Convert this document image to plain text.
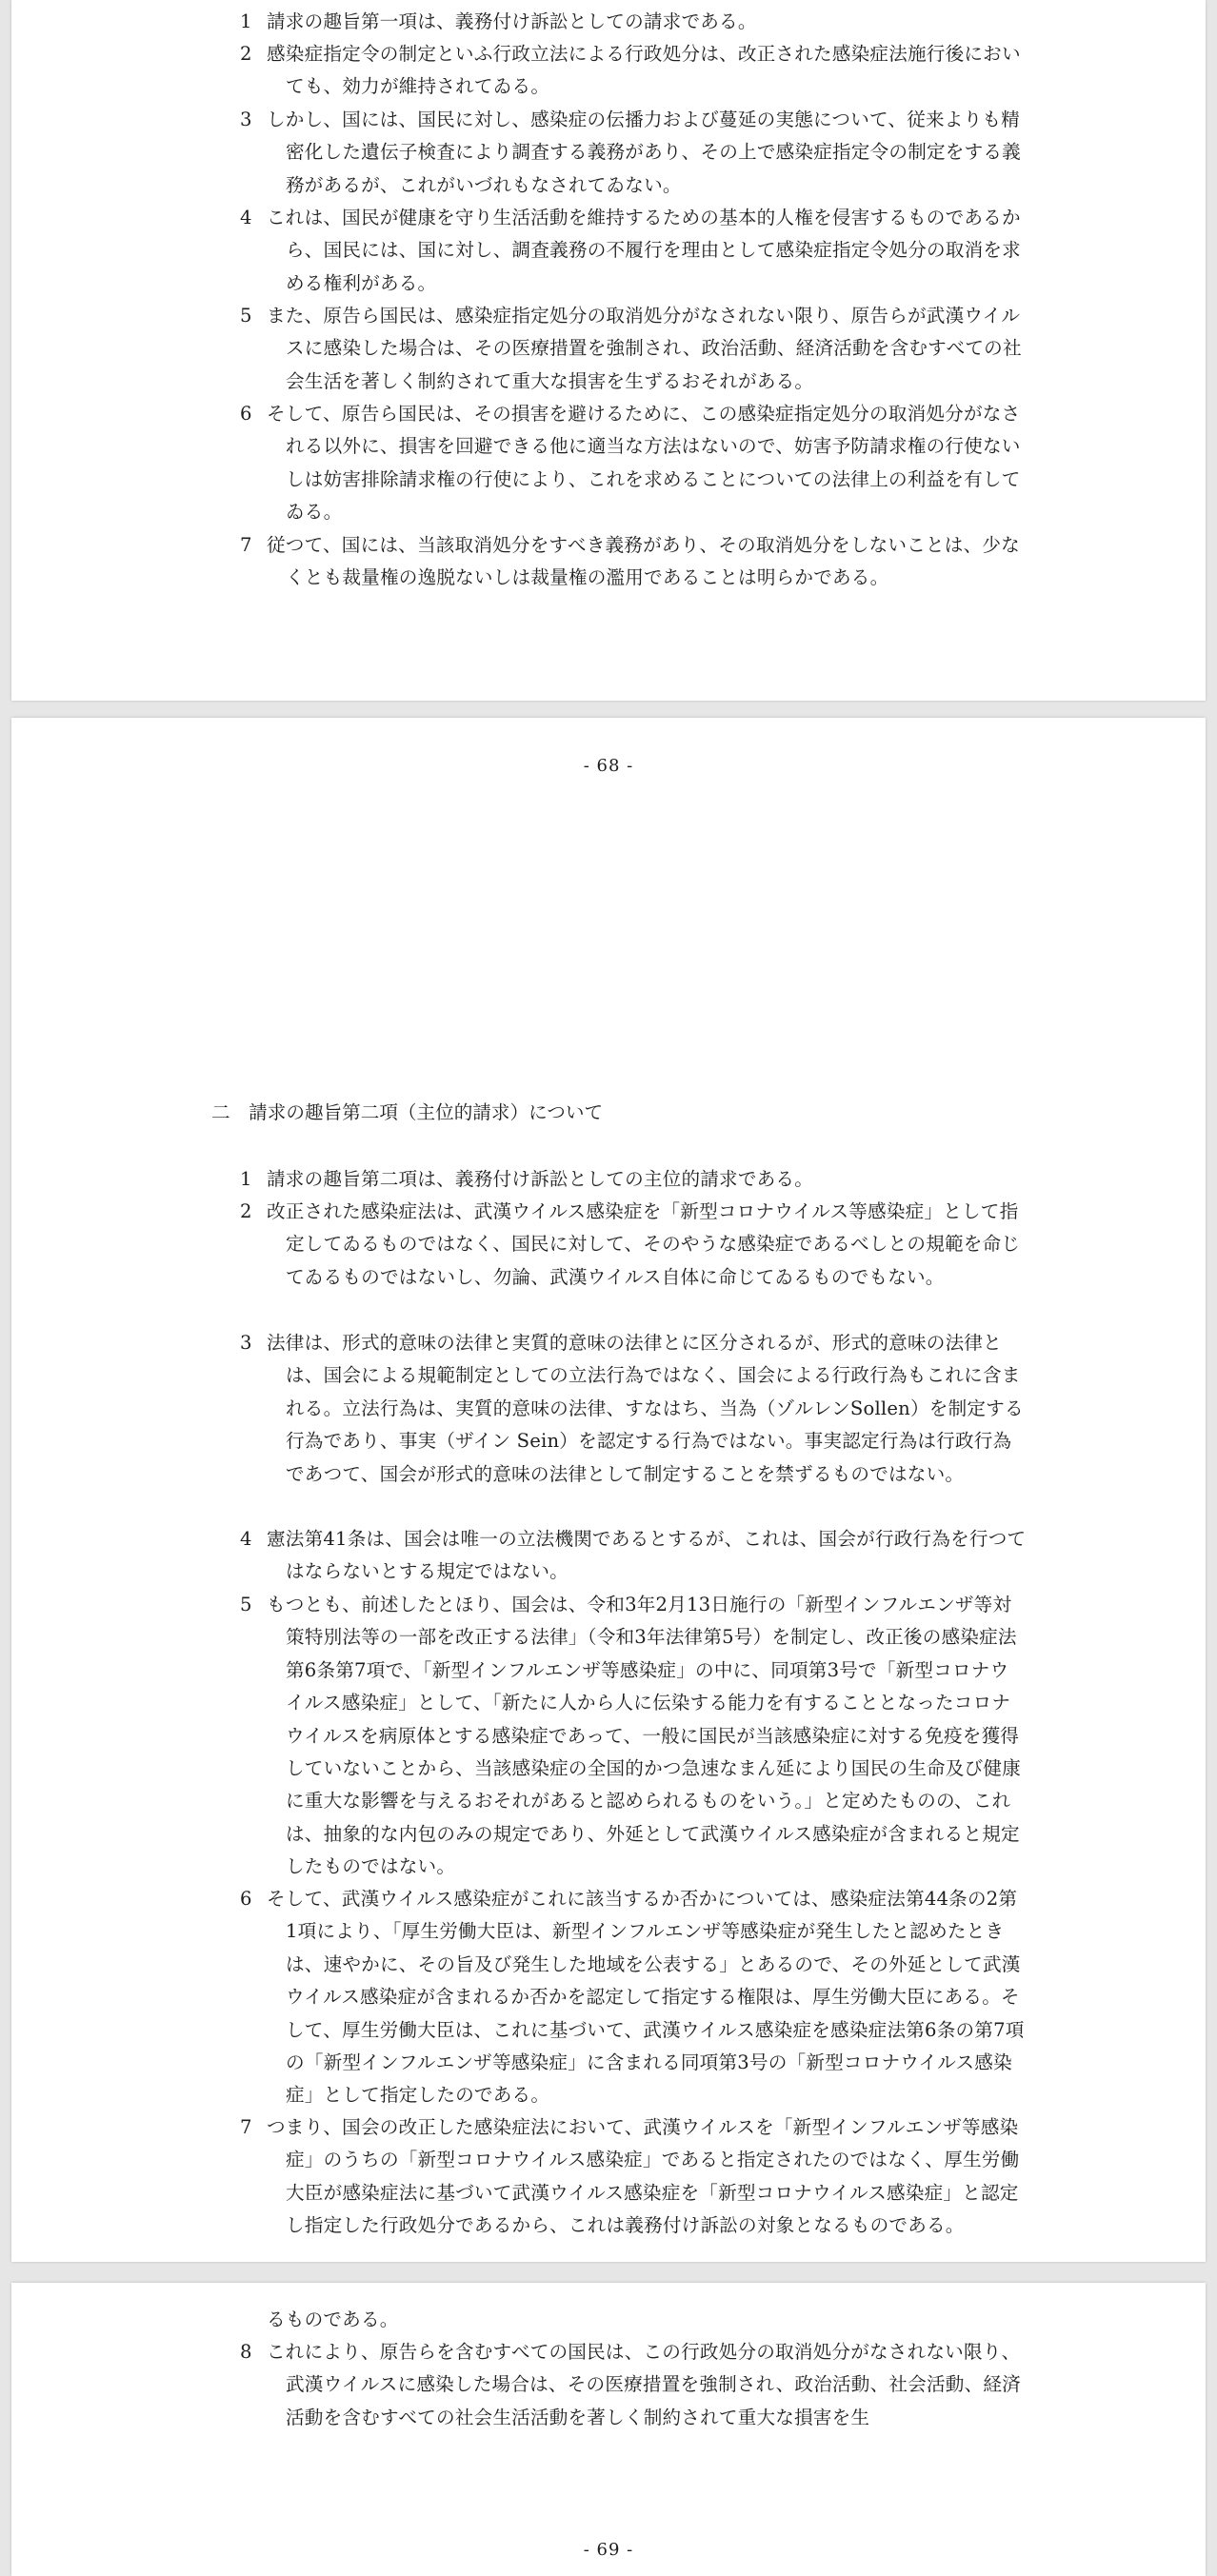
1 請求の趣旨第一項は、義務付け訴訟としての請求である。
2 感染症指定令の制定といふ行政立法による行政処分は、改正された感染症法施行後においても、効力が維持されてゐる。
3 しかし、国には、国民に対し、感染症の伝播力および蔓延の実態について、従来よりも精密化した遺伝子検査により調査する義務があり、その上で感染症指定令の制定をする義務があるが、これがいづれもなされてゐない。
4 これは、国民が健康を守り生活活動を維持するための基本的人権を侵害するものであるから、国民には、国に対し、調査義務の不履行を理由として感染症指定令処分の取消を求める権利がある。
5 また、原告ら国民は、感染症指定処分の取消処分がなされない限り、原告らが武漢ウイルスに感染した場合は、その医療措置を強制され、政治活動、経済活動を含むすべての社会生活を著しく制約されて重大な損害を生ずるおそれがある。
6 そして、原告ら国民は、その損害を避けるために、この感染症指定処分の取消処分がなされる以外に、損害を回避できる他に適当な方法はないので、妨害予防請求権の行使ないしは妨害排除請求権の行使により、これを求めることについての法律上の利益を有してゐる。
7 従つて、国には、当該取消処分をすべき義務があり、その取消処分をしないことは、少なくとも裁量権の逸脱ないしは裁量権の濫用であることは明らかである。
- 68 -
二　請求の趣旨第二項（主位的請求）について
1 請求の趣旨第二項は、義務付け訴訟としての主位的請求である。
2 改正された感染症法は、武漢ウイルス感染症を「新型コロナウイルス等感染症」として指定してゐるものではなく、国民に対して、そのやうな感染症であるべしとの規範を命じてゐるものではないし、勿論、武漢ウイルス自体に命じてゐるものでもない。
3 法律は、形式的意味の法律と実質的意味の法律とに区分されるが、形式的意味の法律とは、国会による規範制定としての立法行為ではなく、国会による行政行為もこれに含まれる。立法行為は、実質的意味の法律、すなはち、当為（ゾルレンSollen）を制定する行為であり、事実（ザイン Sein）を認定する行為ではない。事実認定行為は行政行為であつて、国会が形式的意味の法律として制定することを禁ずるものではない。
4 憲法第41条は、国会は唯一の立法機関であるとするが、これは、国会が行政行為を行つてはならないとする規定ではない。
5 もつとも、前述したとほり、国会は、令和3年2月13日施行の「新型インフルエンザ等対策特別法等の一部を改正する法律」（令和3年法律第5号）を制定し、改正後の感染症法第6条第7項で、「新型インフルエンザ等感染症」の中に、同項第3号で「新型コロナウイルス感染症」として、「新たに人から人に伝染する能力を有することとなったコロナウイルスを病原体とする感染症であって、一般に国民が当該感染症に対する免疫を獲得していないことから、当該感染症の全国的かつ急速なまん延により国民の生命及び健康に重大な影響を与えるおそれがあると認められるものをいう。」と定めたものの、これは、抽象的な内包のみの規定であり、外延として武漢ウイルス感染症が含まれると規定したものではない。
6 そして、武漢ウイルス感染症がこれに該当するか否かについては、感染症法第44条の2第1項により、「厚生労働大臣は、新型インフルエンザ等感染症が発生したと認めたときは、速やかに、その旨及び発生した地域を公表する」とあるので、その外延として武漢ウイルス感染症が含まれるか否かを認定して指定する権限は、厚生労働大臣にある。そして、厚生労働大臣は、これに基づいて、武漢ウイルス感染症を感染症法第6条の第7項の「新型インフルエンザ等感染症」に含まれる同項第3号の「新型コロナウイルス感染症」として指定したのである。
7 つまり、国会の改正した感染症法において、武漢ウイルスを「新型インフルエンザ等感染症」のうちの「新型コロナウイルス感染症」であると指定されたのではなく、厚生労働大臣が感染症法に基づいて武漢ウイルス感染症を「新型コロナウイルス感染症」と認定し指定した行政処分であるから、これは義務付け訴訟の対象となるものである。
るものである。
8 これにより、原告らを含むすべての国民は、この行政処分の取消処分がなされない限り、武漢ウイルスに感染した場合は、その医療措置を強制され、政治活動、社会活動、経済活動を含むすべての社会生活活動を著しく制約されて重大な損害を生
- 69 -
